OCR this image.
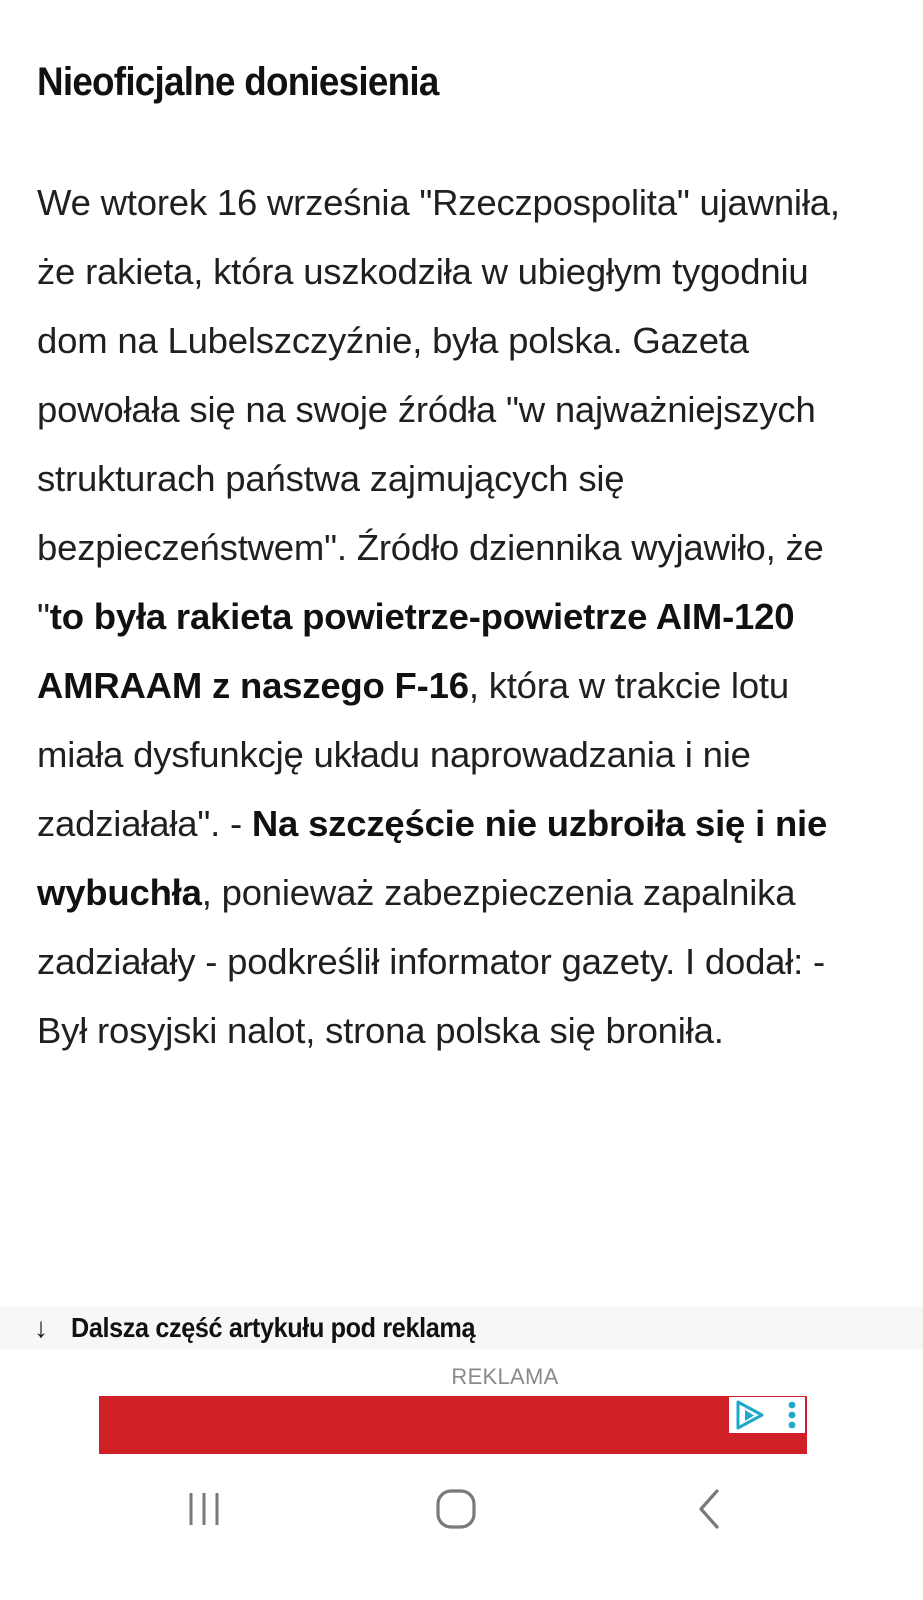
Nieoficjalne doniesienia

We wtorek 16 września "Rzeczpospolita" ujawniła, że rakieta, która uszkodziła w ubiegłym tygodniu dom na Lubelszczyźnie, była polska. Gazeta powołała się na swoje źródła "w najważniejszych strukturach państwa zajmujących się bezpieczeństwem". Źródło dziennika wyjawiło, że "to była rakieta powietrze-powietrze AIM-120 AMRAAM z naszego F-16, która w trakcie lotu miała dysfunkcję układu naprowadzania i nie zadziałała". - Na szczęście nie uzbroiła się i nie wybuchła, ponieważ zabezpieczenia zapalnika zadziałały - podkreślił informator gazety. I dodał: - Był rosyjski nalot, strona polska się broniła.

↓ Dalsza część artykułu pod reklamą
REKLAMA
